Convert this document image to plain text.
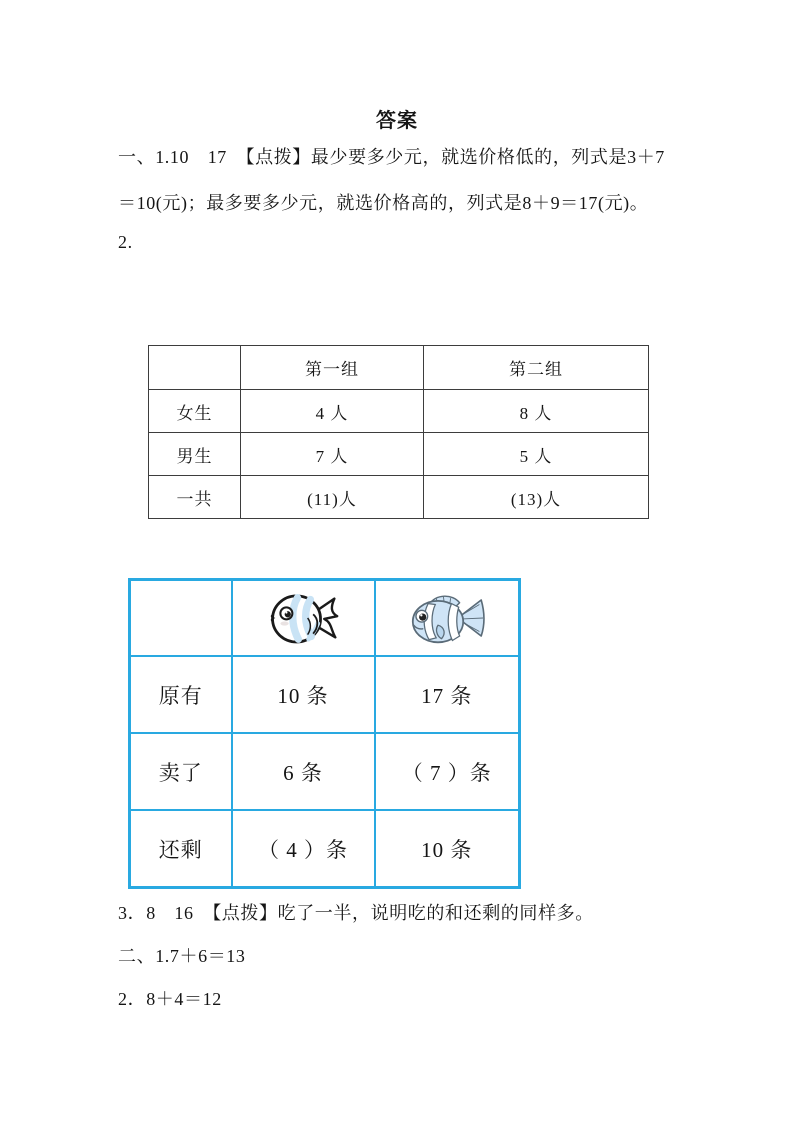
答案
一、1.10　17　【点拨】最少要多少元，就选价格低的，列式是3＋7
＝10(元)；最多要多少元，就选价格高的，列式是8＋9＝17(元)。
2.
	第一组	第二组
女生	4 人	8 人
男生	7 人	5 人
一共	(11)人	(13)人

原有	10 条	17 条
卖了	6 条	（ 7 ）条
还剩	（ 4 ）条	10 条
3．8　16　【点拨】吃了一半，说明吃的和还剩的同样多。
二、1.7＋6＝13
2．8＋4＝12
